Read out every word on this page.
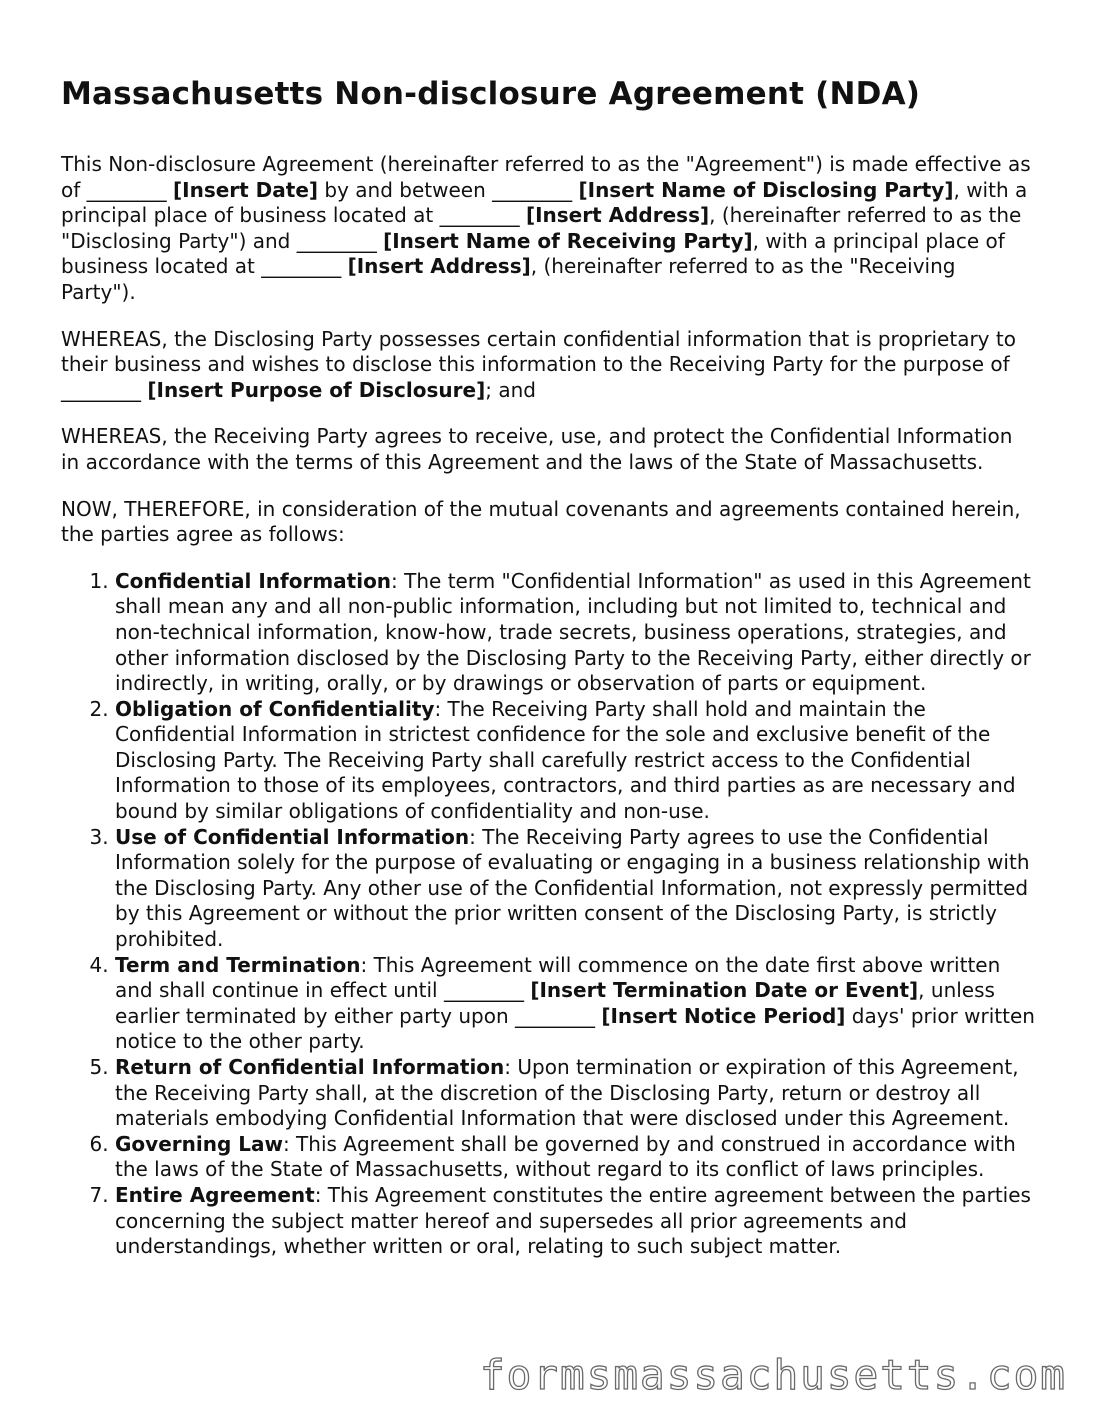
Massachusetts Non-disclosure Agreement (NDA)

This Non-disclosure Agreement (hereinafter referred to as the "Agreement") is made effective as of ________ [Insert Date] by and between ________ [Insert Name of Disclosing Party], with a principal place of business located at ________ [Insert Address], (hereinafter referred to as the "Disclosing Party") and ________ [Insert Name of Receiving Party], with a principal place of business located at ________ [Insert Address], (hereinafter referred to as the "Receiving Party").

WHEREAS, the Disclosing Party possesses certain confidential information that is proprietary to their business and wishes to disclose this information to the Receiving Party for the purpose of ________ [Insert Purpose of Disclosure]; and

WHEREAS, the Receiving Party agrees to receive, use, and protect the Confidential Information in accordance with the terms of this Agreement and the laws of the State of Massachusetts.

NOW, THEREFORE, in consideration of the mutual covenants and agreements contained herein, the parties agree as follows:

1. Confidential Information: The term "Confidential Information" as used in this Agreement shall mean any and all non-public information, including but not limited to, technical and non-technical information, know-how, trade secrets, business operations, strategies, and other information disclosed by the Disclosing Party to the Receiving Party, either directly or indirectly, in writing, orally, or by drawings or observation of parts or equipment.
2. Obligation of Confidentiality: The Receiving Party shall hold and maintain the Confidential Information in strictest confidence for the sole and exclusive benefit of the Disclosing Party. The Receiving Party shall carefully restrict access to the Confidential Information to those of its employees, contractors, and third parties as are necessary and bound by similar obligations of confidentiality and non-use.
3. Use of Confidential Information: The Receiving Party agrees to use the Confidential Information solely for the purpose of evaluating or engaging in a business relationship with the Disclosing Party. Any other use of the Confidential Information, not expressly permitted by this Agreement or without the prior written consent of the Disclosing Party, is strictly prohibited.
4. Term and Termination: This Agreement will commence on the date first above written and shall continue in effect until ________ [Insert Termination Date or Event], unless earlier terminated by either party upon ________ [Insert Notice Period] days' prior written notice to the other party.
5. Return of Confidential Information: Upon termination or expiration of this Agreement, the Receiving Party shall, at the discretion of the Disclosing Party, return or destroy all materials embodying Confidential Information that were disclosed under this Agreement.
6. Governing Law: This Agreement shall be governed by and construed in accordance with the laws of the State of Massachusetts, without regard to its conflict of laws principles.
7. Entire Agreement: This Agreement constitutes the entire agreement between the parties concerning the subject matter hereof and supersedes all prior agreements and understandings, whether written or oral, relating to such subject matter.
formsmassachusetts.com
